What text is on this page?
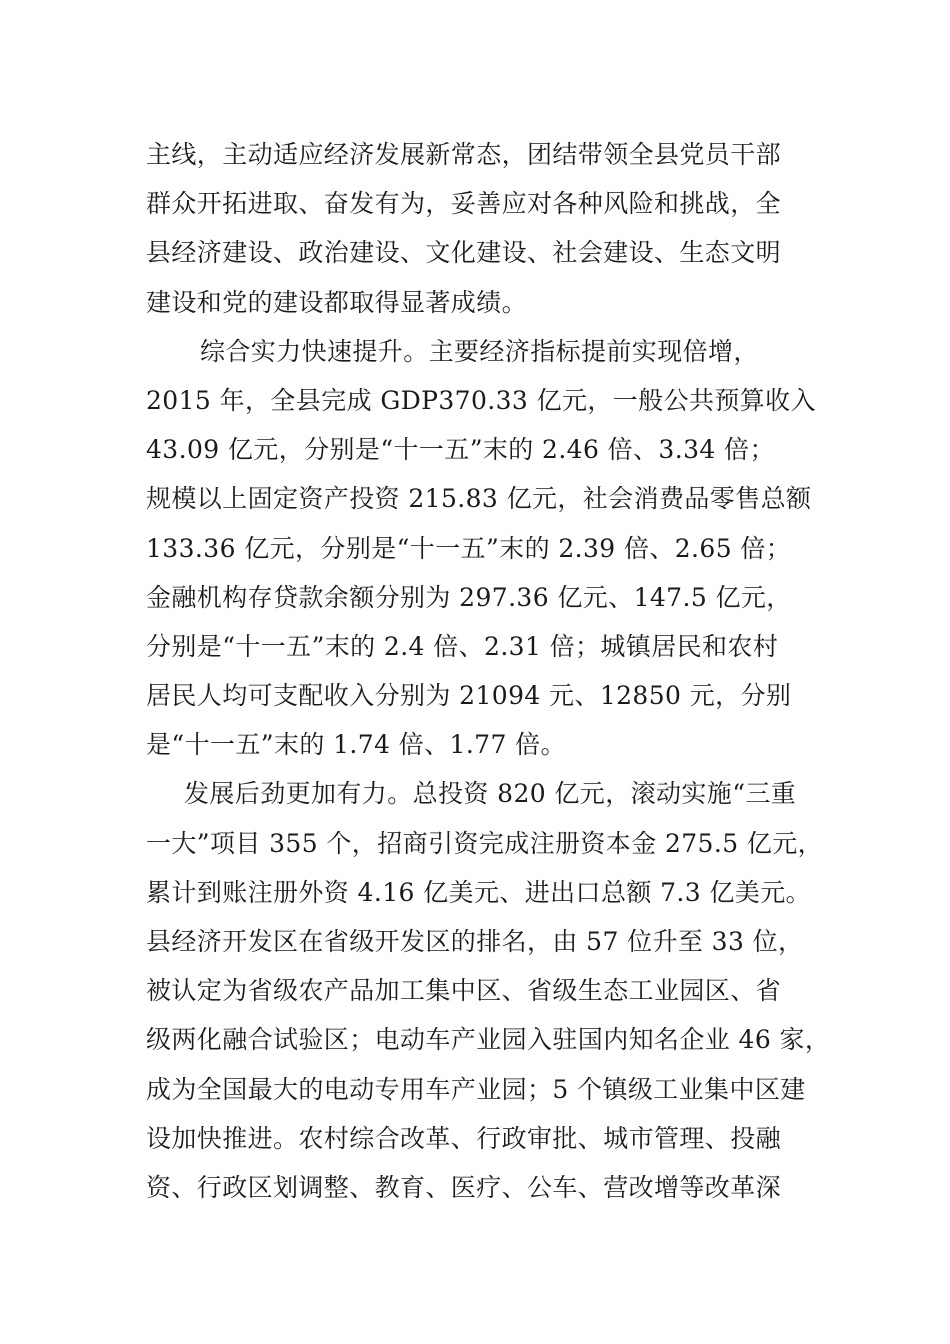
主线，主动适应经济发展新常态，团结带领全县党员干部
群众开拓进取、奋发有为，妥善应对各种风险和挑战，全
县经济建设、政治建设、文化建设、社会建设、生态文明
建设和党的建设都取得显著成绩。
综合实力快速提升。主要经济指标提前实现倍增，
2015 年，全县完成 GDP370.33 亿元，一般公共预算收入
43.09 亿元，分别是“十一五”末的 2.46 倍、3.34 倍；
规模以上固定资产投资 215.83 亿元，社会消费品零售总额
133.36 亿元，分别是“十一五”末的 2.39 倍、2.65 倍；
金融机构存贷款余额分别为 297.36 亿元、147.5 亿元，
分别是“十一五”末的 2.4 倍、2.31 倍；城镇居民和农村
居民人均可支配收入分别为 21094 元、12850 元，分别
是“十一五”末的 1.74 倍、1.77 倍。
发展后劲更加有力。总投资 820 亿元，滚动实施“三重
一大”项目 355 个，招商引资完成注册资本金 275.5 亿元，
累计到账注册外资 4.16 亿美元、进出口总额 7.3 亿美元。
县经济开发区在省级开发区的排名，由 57 位升至 33 位，
被认定为省级农产品加工集中区、省级生态工业园区、省
级两化融合试验区；电动车产业园入驻国内知名企业 46 家，
成为全国最大的电动专用车产业园；5 个镇级工业集中区建
设加快推进。农村综合改革、行政审批、城市管理、投融
资、行政区划调整、教育、医疗、公车、营改增等改革深
